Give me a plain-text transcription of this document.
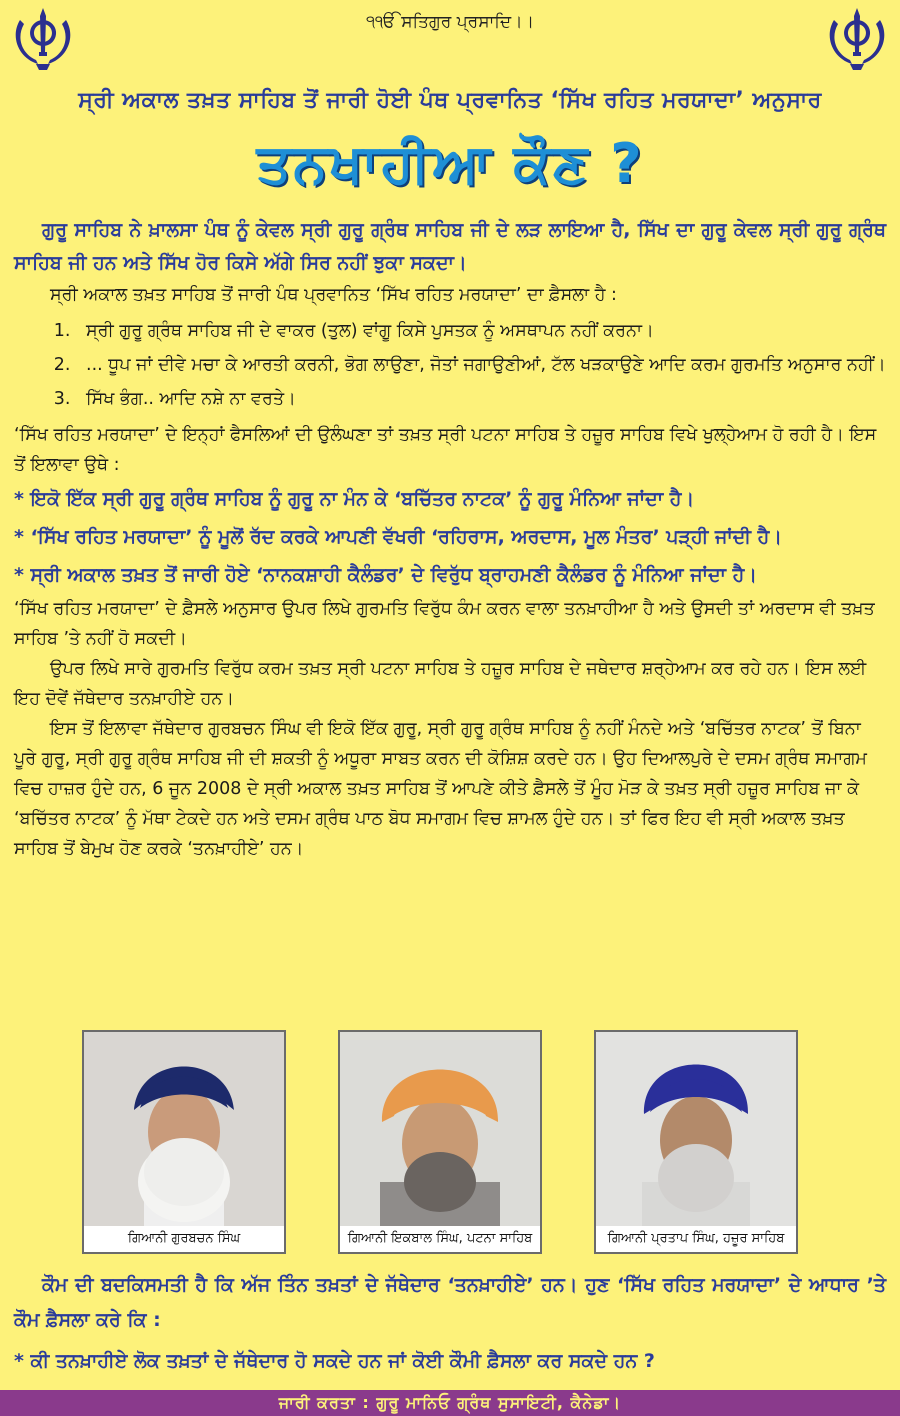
੧ੴ ਸਤਿਗੁਰ ਪ੍ਰਸਾਦਿ।।
ਸ੍ਰੀ ਅਕਾਲ ਤਖ਼ਤ ਸਾਹਿਬ ਤੋਂ ਜਾਰੀ ਹੋਈ ਪੰਥ ਪ੍ਰਵਾਨਿਤ ‘ਸਿੱਖ ਰਹਿਤ ਮਰਯਾਦਾ’ ਅਨੁਸਾਰ
ਤਨਖਾਹੀਆ ਕੌਣ ?

ਗੁਰੂ ਸਾਹਿਬ ਨੇ ਖ਼ਾਲਸਾ ਪੰਥ ਨੂੰ ਕੇਵਲ ਸ੍ਰੀ ਗੁਰੂ ਗ੍ਰੰਥ ਸਾਹਿਬ ਜੀ ਦੇ ਲੜ ਲਾਇਆ ਹੈ, ਸਿੱਖ ਦਾ ਗੁਰੂ ਕੇਵਲ ਸ੍ਰੀ ਗੁਰੂ ਗ੍ਰੰਥ ਸਾਹਿਬ ਜੀ ਹਨ ਅਤੇ ਸਿੱਖ ਹੋਰ ਕਿਸੇ ਅੱਗੇ ਸਿਰ ਨਹੀਂ ਝੁਕਾ ਸਕਦਾ।

ਸ੍ਰੀ ਅਕਾਲ ਤਖ਼ਤ ਸਾਹਿਬ ਤੋਂ ਜਾਰੀ ਪੰਥ ਪ੍ਰਵਾਨਿਤ ‘ਸਿੱਖ ਰਹਿਤ ਮਰਯਾਦਾ’ ਦਾ ਫ਼ੈਸਲਾ ਹੈ :

1. ਸ੍ਰੀ ਗੁਰੂ ਗ੍ਰੰਥ ਸਾਹਿਬ ਜੀ ਦੇ ਵਾਕਰ (ਤੁਲ) ਵਾਂਗੂ ਕਿਸੇ ਪੁਸਤਕ ਨੂੰ ਅਸਥਾਪਨ ਨਹੀਂ ਕਰਨਾ।
2. ... ਧੂਪ ਜਾਂ ਦੀਵੇ ਮਚਾ ਕੇ ਆਰਤੀ ਕਰਨੀ, ਭੋਗ ਲਾਉਣਾ, ਜੋਤਾਂ ਜਗਾਉਣੀਆਂ, ਟੱਲ ਖੜਕਾਉਣੇ ਆਦਿ ਕਰਮ ਗੁਰਮਤਿ ਅਨੁਸਾਰ ਨਹੀਂ।
3. ਸਿੱਖ ਭੰਗ.. ਆਦਿ ਨਸ਼ੇ ਨਾ ਵਰਤੇ।

‘ਸਿੱਖ ਰਹਿਤ ਮਰਯਾਦਾ’ ਦੇ ਇਨ੍ਹਾਂ ਫੈਸਲਿਆਂ ਦੀ ਉਲੰਘਣਾ ਤਾਂ ਤਖ਼ਤ ਸ੍ਰੀ ਪਟਨਾ ਸਾਹਿਬ ਤੇ ਹਜ਼ੂਰ ਸਾਹਿਬ ਵਿਖੇ ਖੁਲ੍ਹੇਆਮ ਹੋ ਰਹੀ ਹੈ। ਇਸ ਤੋਂ ਇਲਾਵਾ ਉਥੇ :

* ਇਕੋ ਇੱਕ ਸ੍ਰੀ ਗੁਰੂ ਗ੍ਰੰਥ ਸਾਹਿਬ ਨੂੰ ਗੁਰੂ ਨਾ ਮੰਨ ਕੇ ‘ਬਚਿੱਤਰ ਨਾਟਕ’ ਨੂੰ ਗੁਰੂ ਮੰਨਿਆ ਜਾਂਦਾ ਹੈ।

* ‘ਸਿੱਖ ਰਹਿਤ ਮਰਯਾਦਾ’ ਨੂੰ ਮੂਲੋਂ ਰੱਦ ਕਰਕੇ ਆਪਣੀ ਵੱਖਰੀ ‘ਰਹਿਰਾਸ, ਅਰਦਾਸ, ਮੂਲ ਮੰਤਰ’ ਪੜ੍ਹੀ ਜਾਂਦੀ ਹੈ।

* ਸ੍ਰੀ ਅਕਾਲ ਤਖ਼ਤ ਤੋਂ ਜਾਰੀ ਹੋਏ ‘ਨਾਨਕਸ਼ਾਹੀ ਕੈਲੰਡਰ’ ਦੇ ਵਿਰੁੱਧ ਬ੍ਰਾਹਮਣੀ ਕੈਲੰਡਰ ਨੂੰ ਮੰਨਿਆ ਜਾਂਦਾ ਹੈ।

‘ਸਿੱਖ ਰਹਿਤ ਮਰਯਾਦਾ’ ਦੇ ਫ਼ੈਸਲੇ ਅਨੁਸਾਰ ਉਪਰ ਲਿਖੇ ਗੁਰਮਤਿ ਵਿਰੁੱਧ ਕੰਮ ਕਰਨ ਵਾਲਾ ਤਨਖ਼ਾਹੀਆ ਹੈ ਅਤੇ ਉਸਦੀ ਤਾਂ ਅਰਦਾਸ ਵੀ ਤਖ਼ਤ ਸਾਹਿਬ ’ਤੇ ਨਹੀਂ ਹੋ ਸਕਦੀ।

ਉਪਰ ਲਿਖੇ ਸਾਰੇ ਗੁਰਮਤਿ ਵਿਰੁੱਧ ਕਰਮ ਤਖ਼ਤ ਸ੍ਰੀ ਪਟਨਾ ਸਾਹਿਬ ਤੇ ਹਜ਼ੂਰ ਸਾਹਿਬ ਦੇ ਜਥੇਦਾਰ ਸ਼ਰ੍ਹੇਆਮ ਕਰ ਰਹੇ ਹਨ। ਇਸ ਲਈ ਇਹ ਦੋਵੇਂ ਜੱਥੇਦਾਰ ਤਨਖ਼ਾਹੀਏ ਹਨ।

ਇਸ ਤੋਂ ਇਲਾਵਾ ਜੱਥੇਦਾਰ ਗੁਰਬਚਨ ਸਿੰਘ ਵੀ ਇਕੋ ਇੱਕ ਗੁਰੂ, ਸ੍ਰੀ ਗੁਰੂ ਗ੍ਰੰਥ ਸਾਹਿਬ ਨੂੰ ਨਹੀਂ ਮੰਨਦੇ ਅਤੇ ‘ਬਚਿੱਤਰ ਨਾਟਕ’ ਤੋਂ ਬਿਨਾ ਪੂਰੇ ਗੁਰੂ, ਸ੍ਰੀ ਗੁਰੂ ਗ੍ਰੰਥ ਸਾਹਿਬ ਜੀ ਦੀ ਸ਼ਕਤੀ ਨੂੰ ਅਧੂਰਾ ਸਾਬਤ ਕਰਨ ਦੀ ਕੋਸ਼ਿਸ਼ ਕਰਦੇ ਹਨ। ਉਹ ਦਿਆਲਪੁਰੇ ਦੇ ਦਸਮ ਗ੍ਰੰਥ ਸਮਾਗਮ ਵਿਚ ਹਾਜ਼ਰ ਹੁੰਦੇ ਹਨ, 6 ਜੂਨ 2008 ਦੇ ਸ੍ਰੀ ਅਕਾਲ ਤਖ਼ਤ ਸਾਹਿਬ ਤੋਂ ਆਪਣੇ ਕੀਤੇ ਫ਼ੈਸਲੇ ਤੋਂ ਮੂੰਹ ਮੋੜ ਕੇ ਤਖ਼ਤ ਸ੍ਰੀ ਹਜ਼ੂਰ ਸਾਹਿਬ ਜਾ ਕੇ ‘ਬਚਿੱਤਰ ਨਾਟਕ’ ਨੂੰ ਮੱਥਾ ਟੇਕਦੇ ਹਨ ਅਤੇ ਦਸਮ ਗ੍ਰੰਥ ਪਾਠ ਬੋਧ ਸਮਾਗਮ ਵਿਚ ਸ਼ਾਮਲ ਹੁੰਦੇ ਹਨ। ਤਾਂ ਫਿਰ ਇਹ ਵੀ ਸ੍ਰੀ ਅਕਾਲ ਤਖ਼ਤ ਸਾਹਿਬ ਤੋਂ ਬੇਮੁਖ ਹੋਣ ਕਰਕੇ ‘ਤਨਖ਼ਾਹੀਏ’ ਹਨ।

ਗਿਆਨੀ ਗੁਰਬਚਨ ਸਿੰਘ	ਗਿਆਨੀ ਇਕਬਾਲ ਸਿੰਘ, ਪਟਨਾ ਸਾਹਿਬ	ਗਿਆਨੀ ਪ੍ਰਤਾਪ ਸਿੰਘ, ਹਜ਼ੂਰ ਸਾਹਿਬ

ਕੌਮ ਦੀ ਬਦਕਿਸਮਤੀ ਹੈ ਕਿ ਅੱਜ ਤਿੰਨ ਤਖ਼ਤਾਂ ਦੇ ਜੱਥੇਦਾਰ ‘ਤਨਖ਼ਾਹੀਏ’ ਹਨ। ਹੁਣ ‘ਸਿੱਖ ਰਹਿਤ ਮਰਯਾਦਾ’ ਦੇ ਆਧਾਰ ’ਤੇ ਕੌਮ ਫ਼ੈਸਲਾ ਕਰੇ ਕਿ :

* ਕੀ ਤਨਖ਼ਾਹੀਏ ਲੋਕ ਤਖ਼ਤਾਂ ਦੇ ਜੱਥੇਦਾਰ ਹੋ ਸਕਦੇ ਹਨ ਜਾਂ ਕੋਈ ਕੌਮੀ ਫ਼ੈਸਲਾ ਕਰ ਸਕਦੇ ਹਨ ?

ਜਾਰੀ ਕਰਤਾ : ਗੁਰੂ ਮਾਨਿਓ ਗ੍ਰੰਥ ਸੁਸਾਇਟੀ, ਕੈਨੇਡਾ।
